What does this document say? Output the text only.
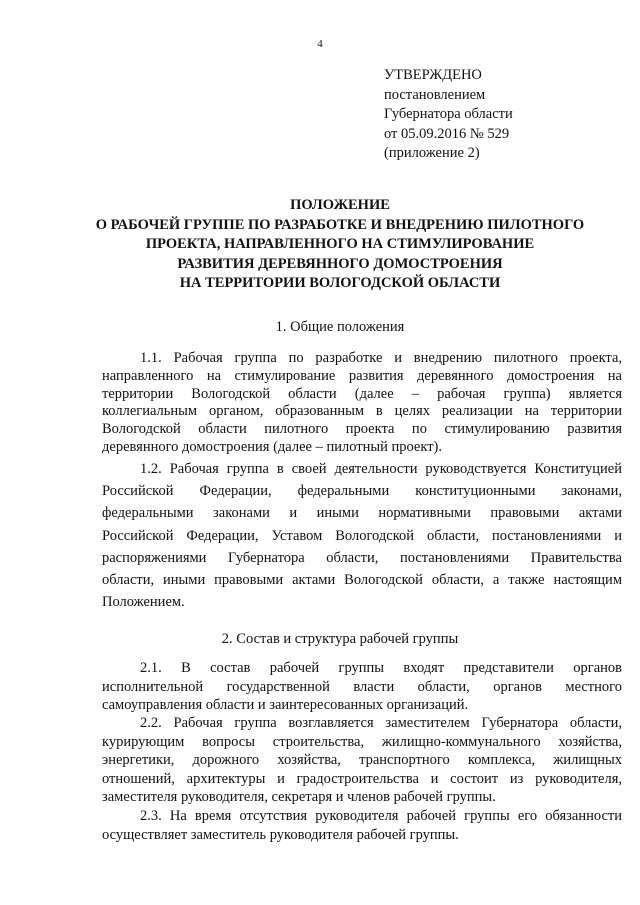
4
УТВЕРЖДЕНО
постановлением
Губернатора области
от 05.09.2016 № 529
(приложение 2)
ПОЛОЖЕНИЕ
О РАБОЧЕЙ ГРУППЕ ПО РАЗРАБОТКЕ И ВНЕДРЕНИЮ ПИЛОТНОГО
ПРОЕКТА, НАПРАВЛЕННОГО НА СТИМУЛИРОВАНИЕ
РАЗВИТИЯ ДЕРЕВЯННОГО ДОМОСТРОЕНИЯ
НА ТЕРРИТОРИИ ВОЛОГОДСКОЙ ОБЛАСТИ
1. Общие положения
1.1. Рабочая группа по разработке и внедрению пилотного проекта,
направленного на стимулирование развития деревянного домостроения на
территории Вологодской области (далее – рабочая группа) является
коллегиальным органом, образованным в целях реализации на территории
Вологодской области пилотного проекта по стимулированию развития
деревянного домостроения (далее – пилотный проект).
1.2. Рабочая группа в своей деятельности руководствуется Конституцией
Российской Федерации, федеральными конституционными законами,
федеральными законами и иными нормативными правовыми актами
Российской Федерации, Уставом Вологодской области, постановлениями и
распоряжениями Губернатора области, постановлениями Правительства
области, иными правовыми актами Вологодской области, а также настоящим
Положением.
2. Состав и структура рабочей группы
2.1. В состав рабочей группы входят представители органов
исполнительной государственной власти области, органов местного
самоуправления области и заинтересованных организаций.
2.2. Рабочая группа возглавляется заместителем Губернатора области,
курирующим вопросы строительства, жилищно-коммунального хозяйства,
энергетики, дорожного хозяйства, транспортного комплекса, жилищных
отношений, архитектуры и градостроительства и состоит из руководителя,
заместителя руководителя, секретаря и членов рабочей группы.
2.3. На время отсутствия руководителя рабочей группы его обязанности
осуществляет заместитель руководителя рабочей группы.
